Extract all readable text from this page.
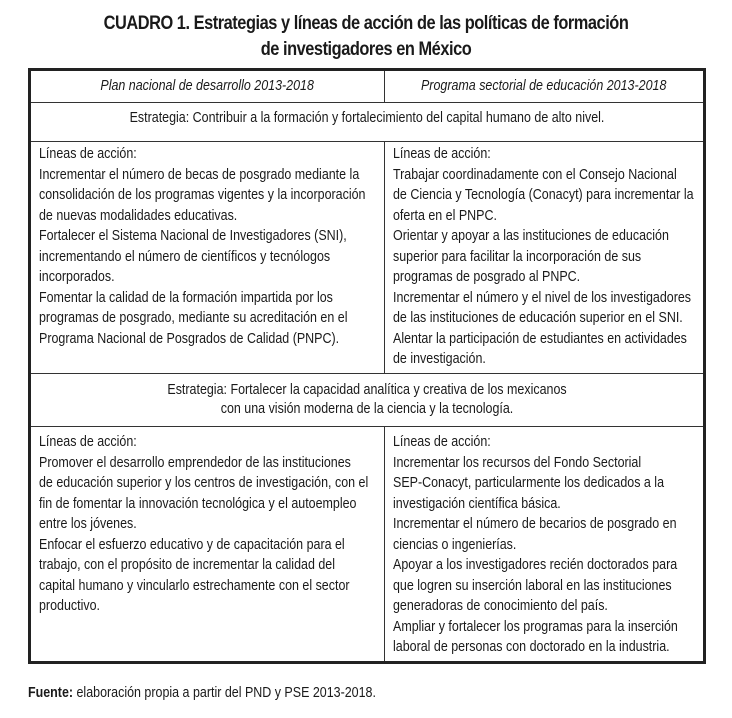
CUADRO 1. Estrategias y líneas de acción de las políticas de formación
de investigadores en México
Plan nacional de desarrollo 2013-2018	Programa sectorial de educación 2013-2018
Estrategia: Contribuir a la formación y fortalecimiento del capital humano de alto nivel.
Líneas de acción:
Incrementar el número de becas de posgrado mediante la
consolidación de los programas vigentes y la incorporación
de nuevas modalidades educativas.
Fortalecer el Sistema Nacional de Investigadores (SNI),
incrementando el número de científicos y tecnólogos
incorporados.
Fomentar la calidad de la formación impartida por los
programas de posgrado, mediante su acreditación en el
Programa Nacional de Posgrados de Calidad (PNPC).
Líneas de acción:
Trabajar coordinadamente con el Consejo Nacional
de Ciencia y Tecnología (Conacyt) para incrementar la
oferta en el PNPC.
Orientar y apoyar a las instituciones de educación
superior para facilitar la incorporación de sus
programas de posgrado al PNPC.
Incrementar el número y el nivel de los investigadores
de las instituciones de educación superior en el SNI.
Alentar la participación de estudiantes en actividades
de investigación.
Estrategia: Fortalecer la capacidad analítica y creativa de los mexicanos
con una visión moderna de la ciencia y la tecnología.
Líneas de acción:
Promover el desarrollo emprendedor de las instituciones
de educación superior y los centros de investigación, con el
fin de fomentar la innovación tecnológica y el autoempleo
entre los jóvenes.
Enfocar el esfuerzo educativo y de capacitación para el
trabajo, con el propósito de incrementar la calidad del
capital humano y vincularlo estrechamente con el sector
productivo.
Líneas de acción:
Incrementar los recursos del Fondo Sectorial
SEP-Conacyt, particularmente los dedicados a la
investigación científica básica.
Incrementar el número de becarios de posgrado en
ciencias o ingenierías.
Apoyar a los investigadores recién doctorados para
que logren su inserción laboral en las instituciones
generadoras de conocimiento del país.
Ampliar y fortalecer los programas para la inserción
laboral de personas con doctorado en la industria.
Fuente: elaboración propia a partir del PND y PSE 2013-2018.
